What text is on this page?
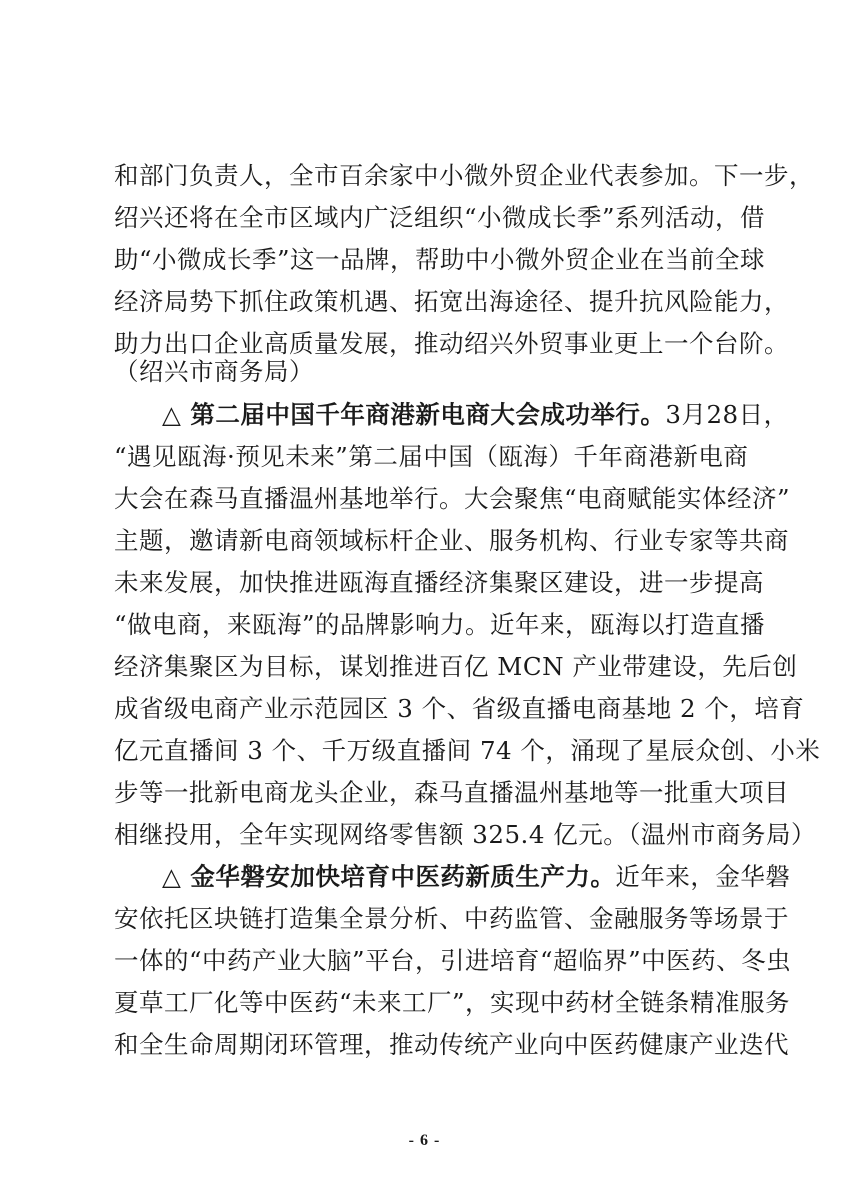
和部门负责人，全市百余家中小微外贸企业代表参加。下一步，
绍兴还将在全市区域内广泛组织“小微成长季”系列活动，借
助“小微成长季”这一品牌，帮助中小微外贸企业在当前全球
经济局势下抓住政策机遇、拓宽出海途径、提升抗风险能力，
助力出口企业高质量发展，推动绍兴外贸事业更上一个台阶。
（绍兴市商务局）
△ 第二届中国千年商港新电商大会成功举行。3月28日，
“遇见瓯海·预见未来”第二届中国（瓯海）千年商港新电商
大会在森马直播温州基地举行。大会聚焦“电商赋能实体经济”
主题，邀请新电商领域标杆企业、服务机构、行业专家等共商
未来发展，加快推进瓯海直播经济集聚区建设，进一步提高
“做电商，来瓯海”的品牌影响力。近年来，瓯海以打造直播
经济集聚区为目标，谋划推进百亿 MCN 产业带建设，先后创
成省级电商产业示范园区 3 个、省级直播电商基地 2 个，培育
亿元直播间 3 个、千万级直播间 74 个，涌现了星辰众创、小米
步等一批新电商龙头企业，森马直播温州基地等一批重大项目
相继投用，全年实现网络零售额 325.4 亿元。（温州市商务局）
△ 金华磐安加快培育中医药新质生产力。近年来，金华磐
安依托区块链打造集全景分析、中药监管、金融服务等场景于
一体的“中药产业大脑”平台，引进培育“超临界”中医药、冬虫
夏草工厂化等中医药“未来工厂”，实现中药材全链条精准服务
和全生命周期闭环管理，推动传统产业向中医药健康产业迭代
- 6 -
